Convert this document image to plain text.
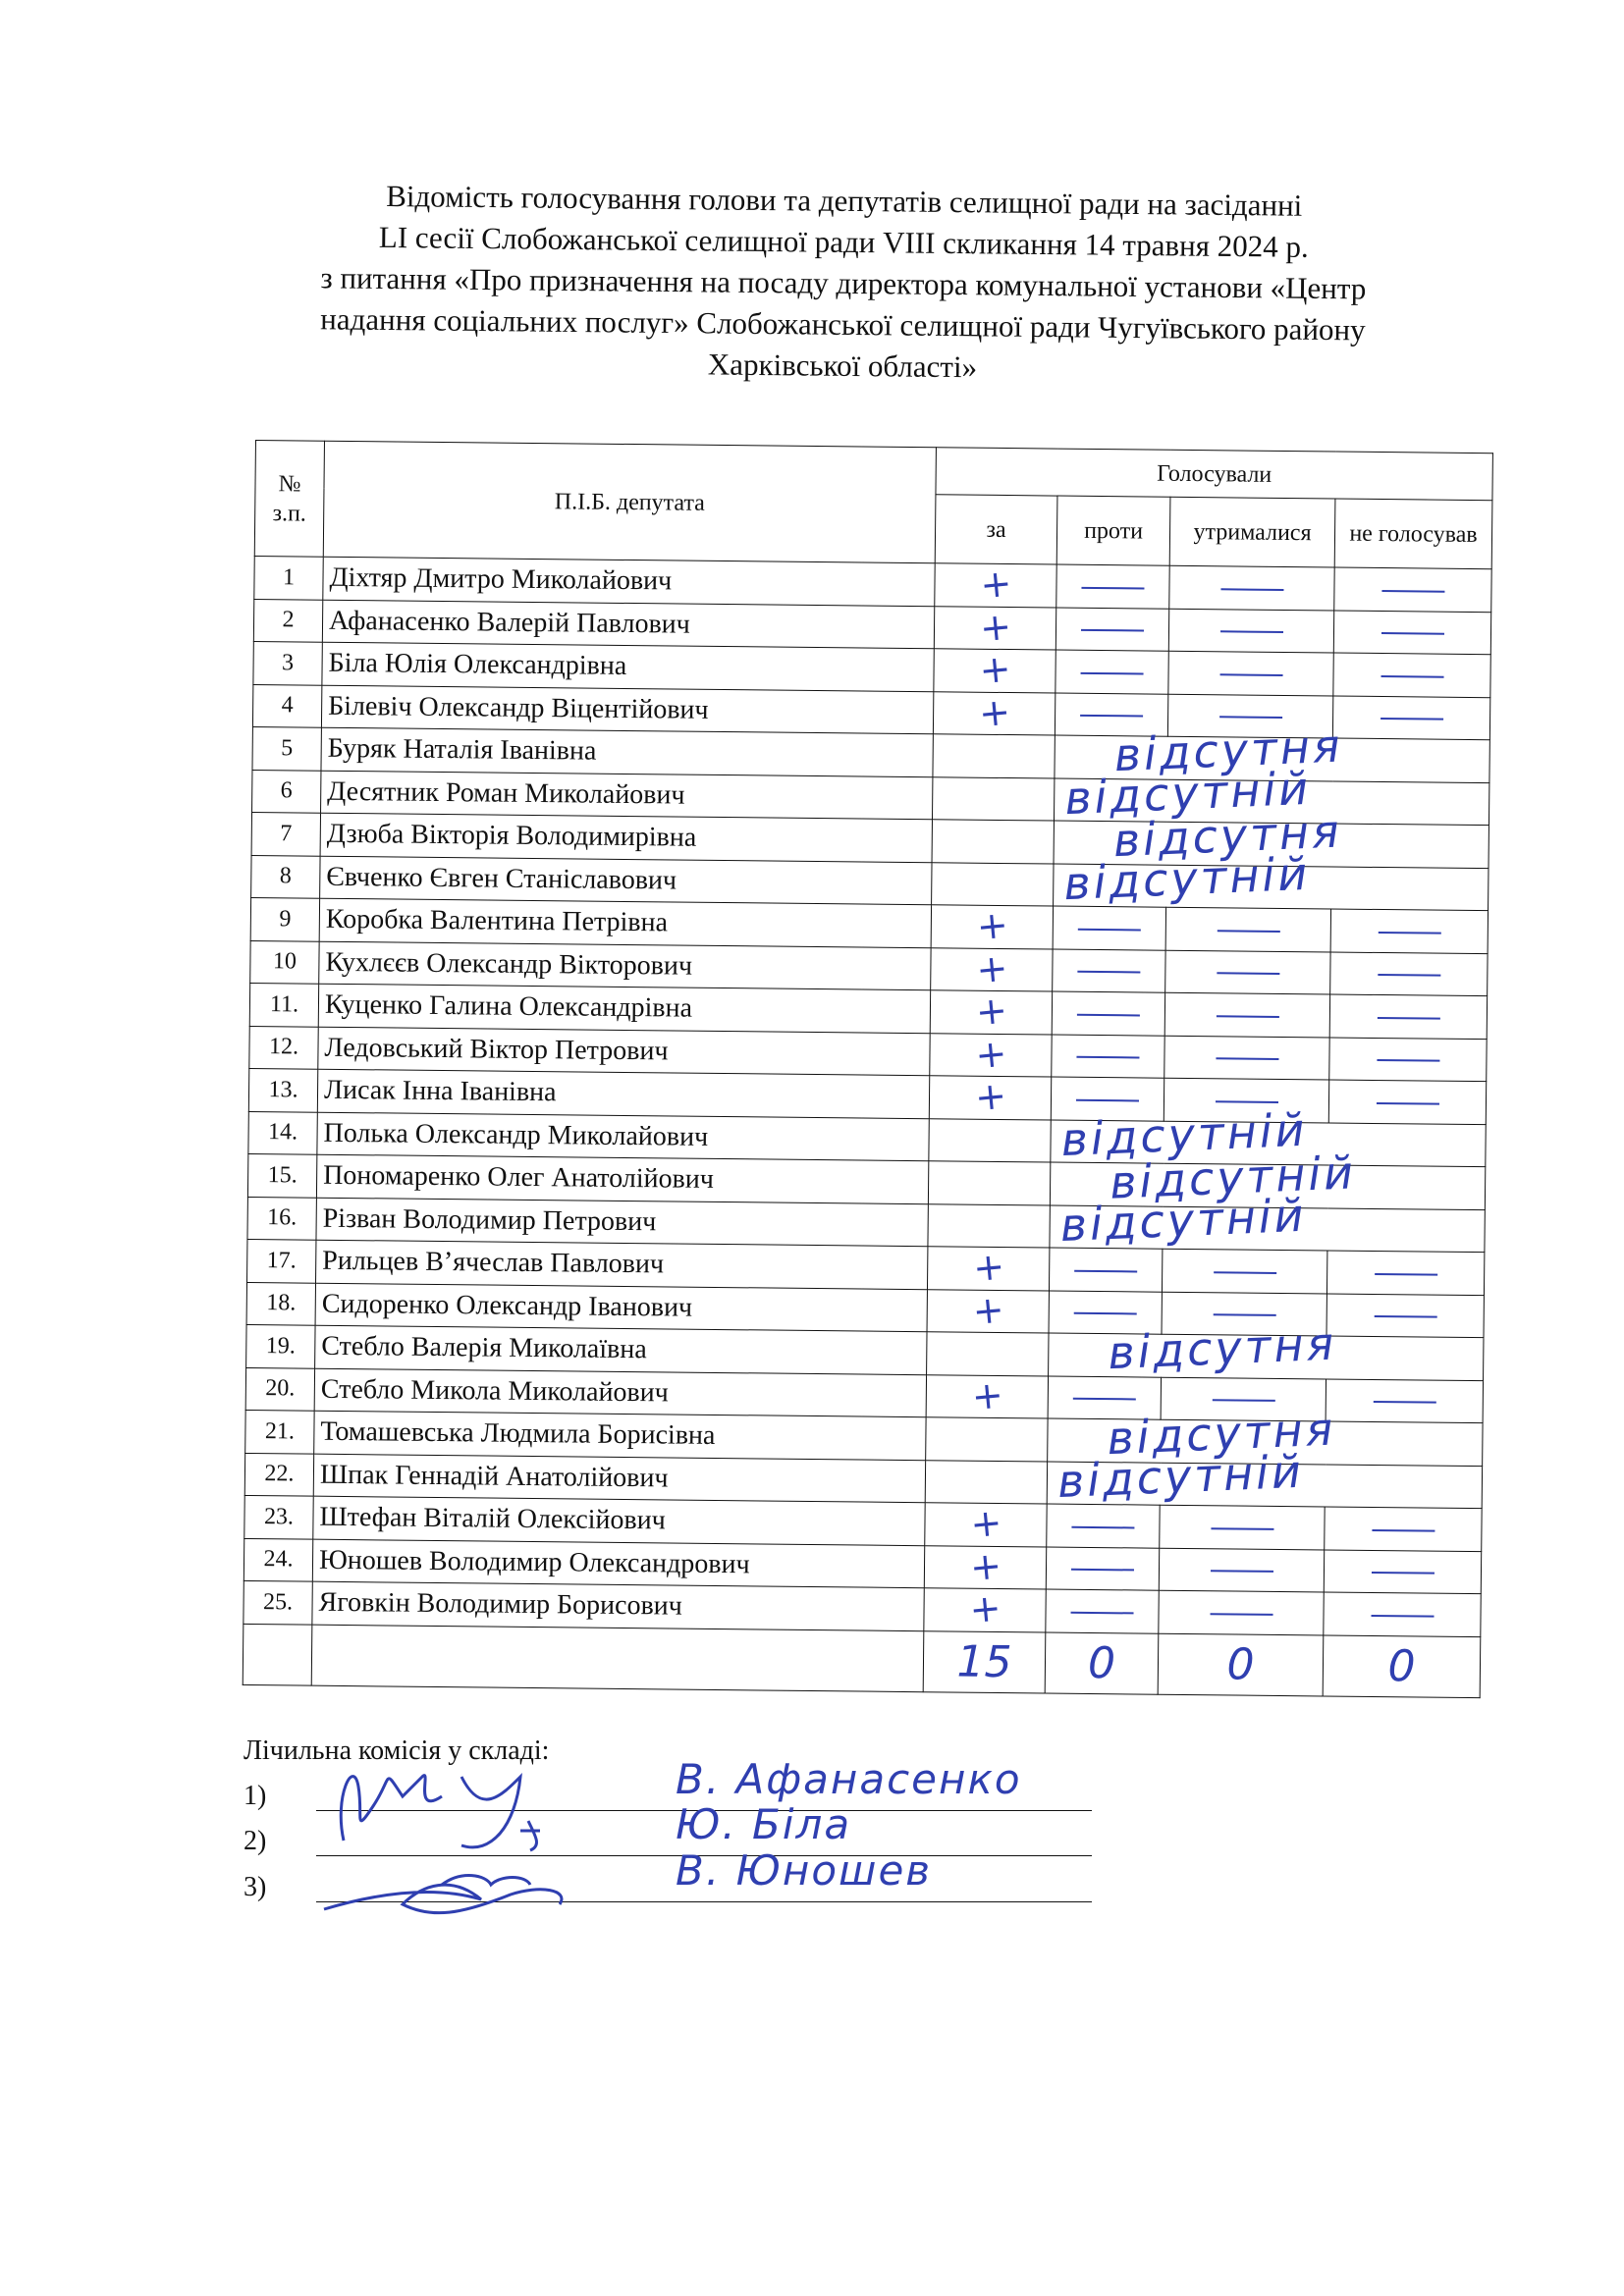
Відомість голосування голови та депутатів селищної ради на засіданні
LI сесії Слобожанської селищної ради VIII скликання 14 травня 2024 р.
з питання «Про призначення на посаду директора комунальної установи «Центр
надання соціальних послуг» Слобожанської селищної ради Чугуївського району
Харківської області»
№ з.п.	П.І.Б. депутата	Голосували			
		за	проти	утрималися	не голосував
1	Діхтяр Дмитро Миколайович	+			
2	Афанасенко Валерій Павлович	+			
3	Біла Юлія Олександрівна	+			
4	Білевіч Олександр Віцентійович	+			
5	Буряк Наталія Іванівна		відсутня		

6	Десятник Роман Миколайович		відсутній		

7	Дзюба Вікторія Володимирівна		відсутня		

8	Євченко Євген Станіславович		відсутній		

9	Коробка Валентина Петрівна	+			
10	Кухлєєв Олександр Вікторович	+			
11.	Куценко Галина Олександрівна	+			
12.	Ледовський Віктор Петрович	+			
13.	Лисак Інна Іванівна	+			
14.	Полька Олександр Миколайович		відсутній		

15.	Пономаренко Олег Анатолійович		відсутній		

16.	Різван Володимир Петрович		відсутній		

17.	Рильцев В’ячеслав Павлович	+			
18.	Сидоренко Олександр Іванович	+			
19.	Стебло Валерія Миколаївна		відсутня		

20.	Стебло Микола Миколайович	+			
21.	Томашевська Людмила Борисівна		відсутня		

22.	Шпак Геннадій Анатолійович		відсутній		

23.	Штефан Віталій Олексійович	+			
24.	Юношев Володимир Олександрович	+			
25.	Яговкін Володимир Борисович	+			
		15	0	0	0
Лічильна комісія у складі:
1)	В. Афанасенко
2)	Ю. Біла
3)	В. Юношев
